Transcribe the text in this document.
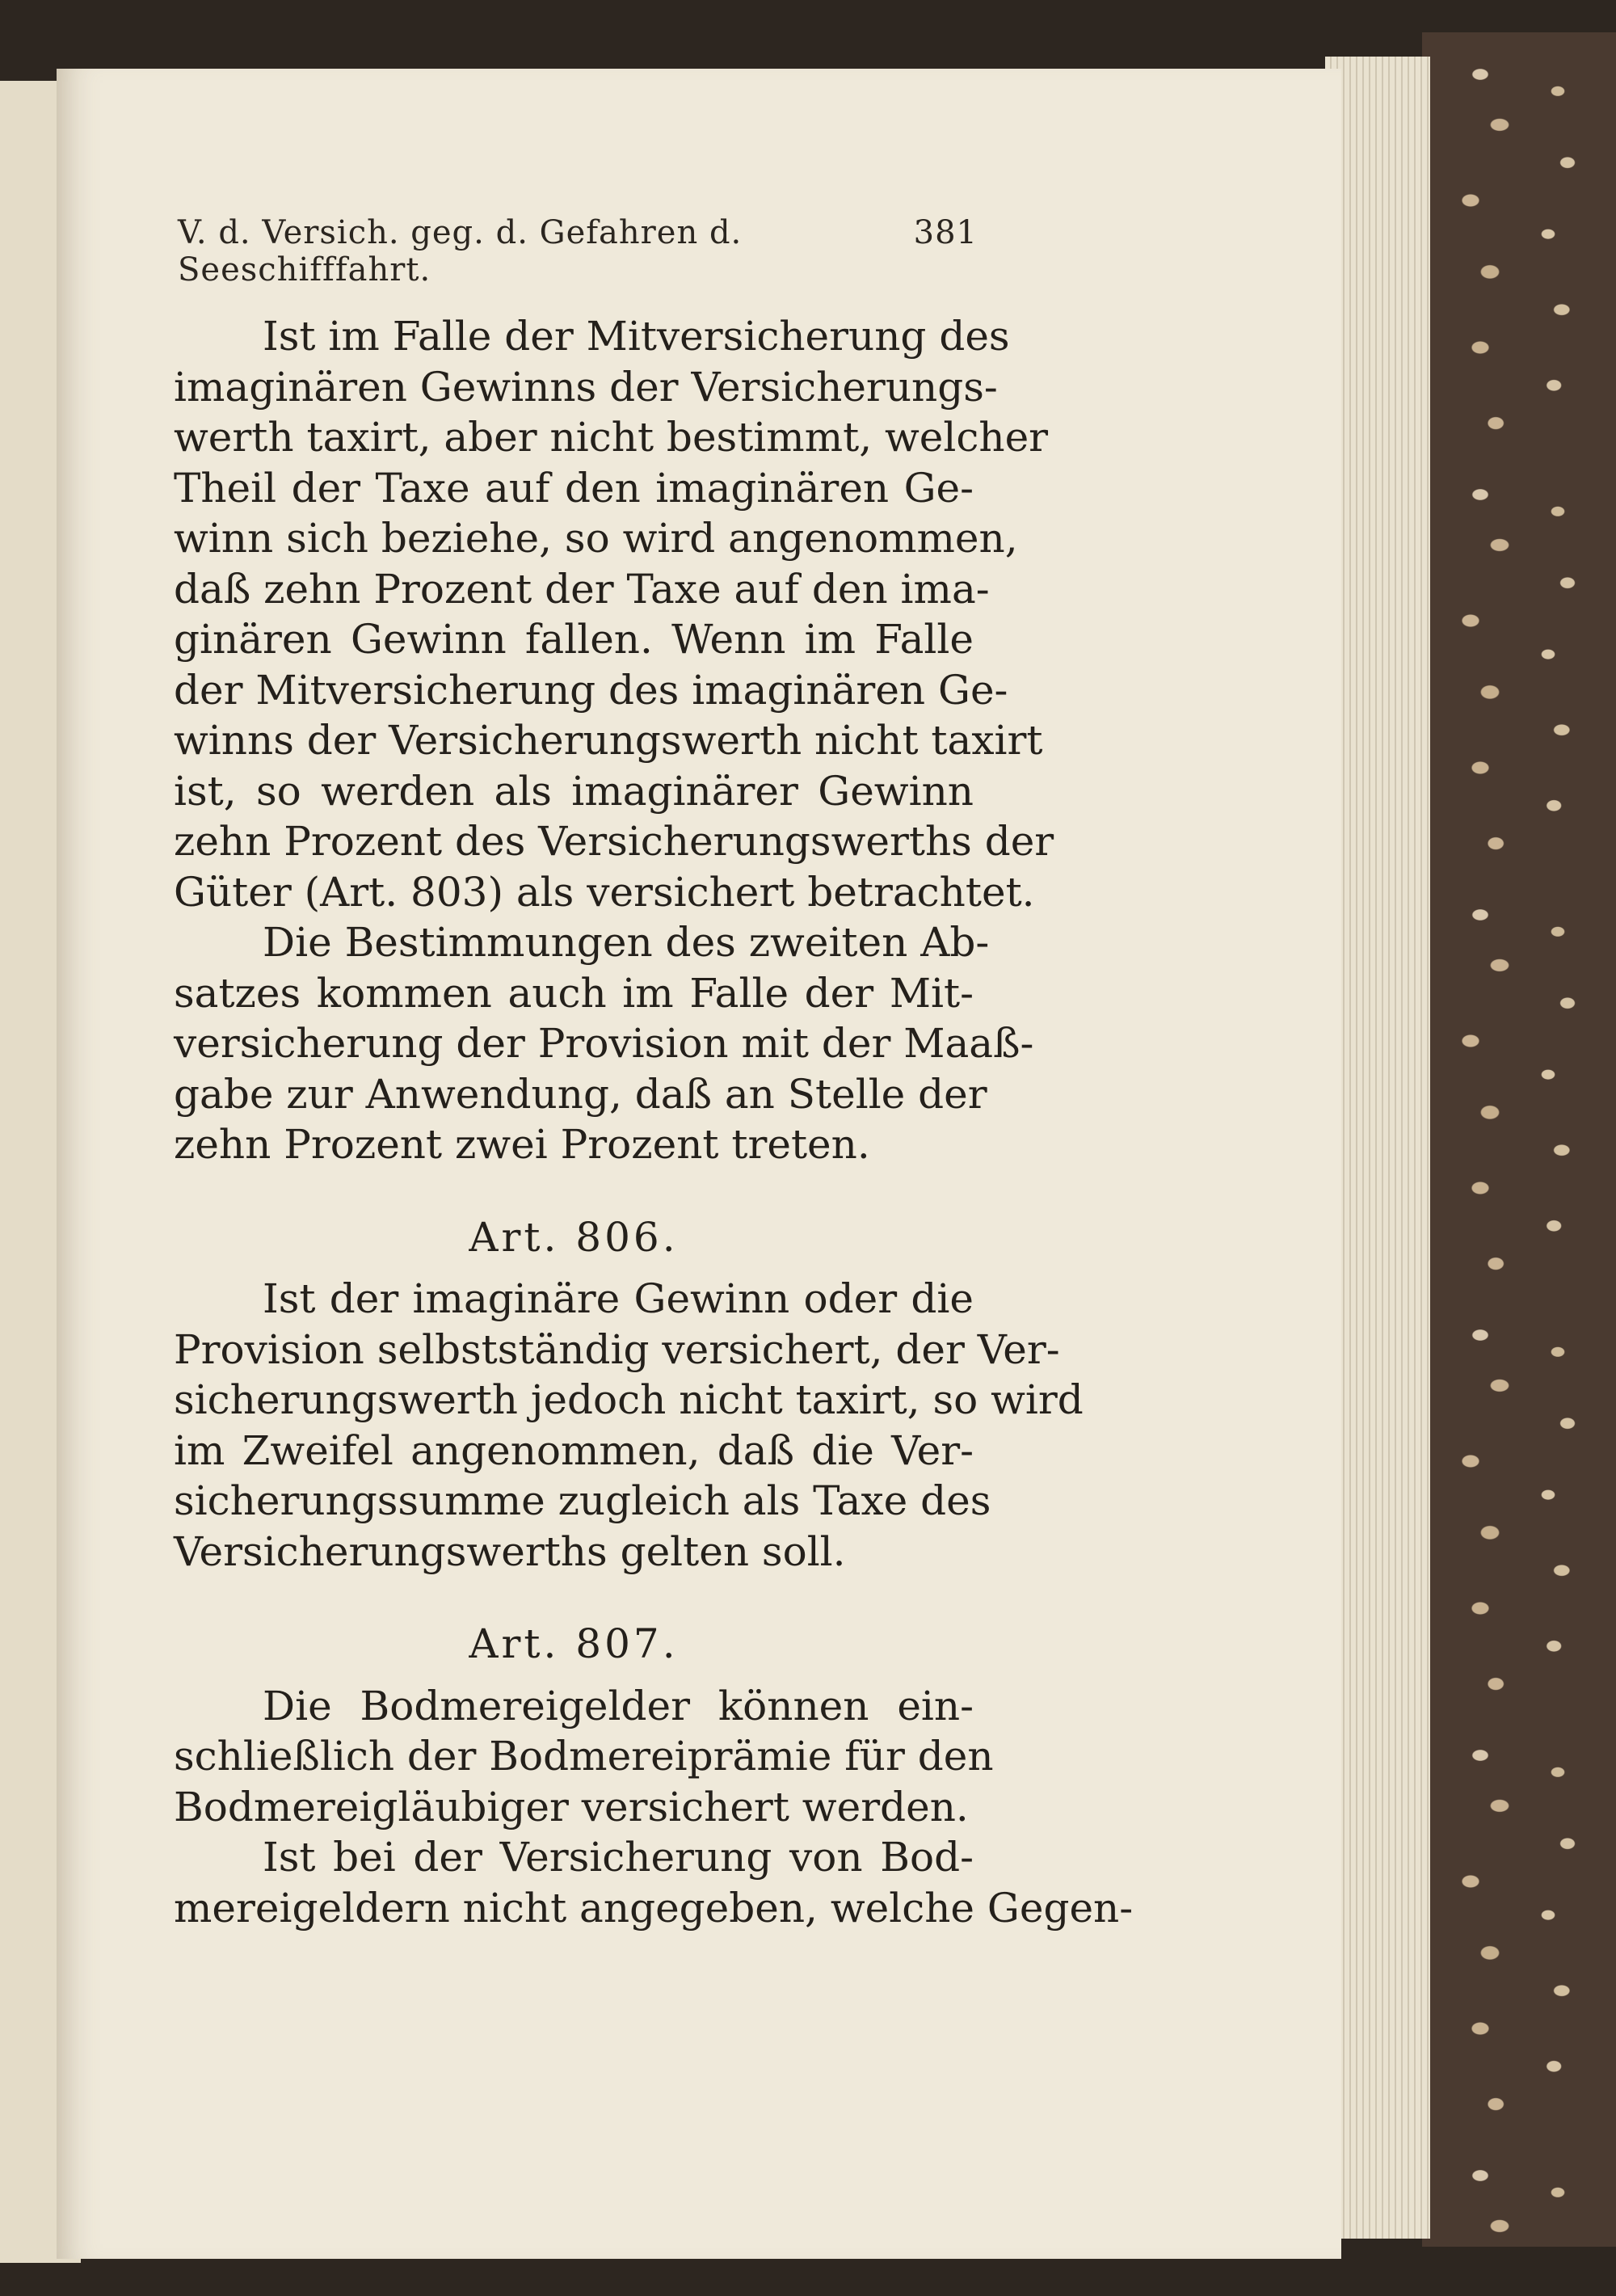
V. d. Versich. geg. d. Gefahren d. Seeschifffahrt.
381
Ist im Falle der Mitversicherung des
imaginären Gewinns der Versicherungs-
werth taxirt, aber nicht bestimmt, welcher
Theil der Taxe auf den imaginären Ge-
winn sich beziehe, so wird angenommen,
daß zehn Prozent der Taxe auf den ima-
ginären Gewinn fallen. Wenn im Falle
der Mitversicherung des imaginären Ge-
winns der Versicherungswerth nicht taxirt
ist, so werden als imaginärer Gewinn
zehn Prozent des Versicherungswerths der
Güter (Art. 803) als versichert betrachtet.
Die Bestimmungen des zweiten Ab-
satzes kommen auch im Falle der Mit-
versicherung der Provision mit der Maaß-
gabe zur Anwendung, daß an Stelle der
zehn Prozent zwei Prozent treten.

Art. 806.

Ist der imaginäre Gewinn oder die
Provision selbstständig versichert, der Ver-
sicherungswerth jedoch nicht taxirt, so wird
im Zweifel angenommen, daß die Ver-
sicherungssumme zugleich als Taxe des
Versicherungswerths gelten soll.

Art. 807.

Die Bodmereigelder können ein-
schließlich der Bodmereiprämie für den
Bodmereigläubiger versichert werden.
Ist bei der Versicherung von Bod-
mereigeldern nicht angegeben, welche Gegen-
